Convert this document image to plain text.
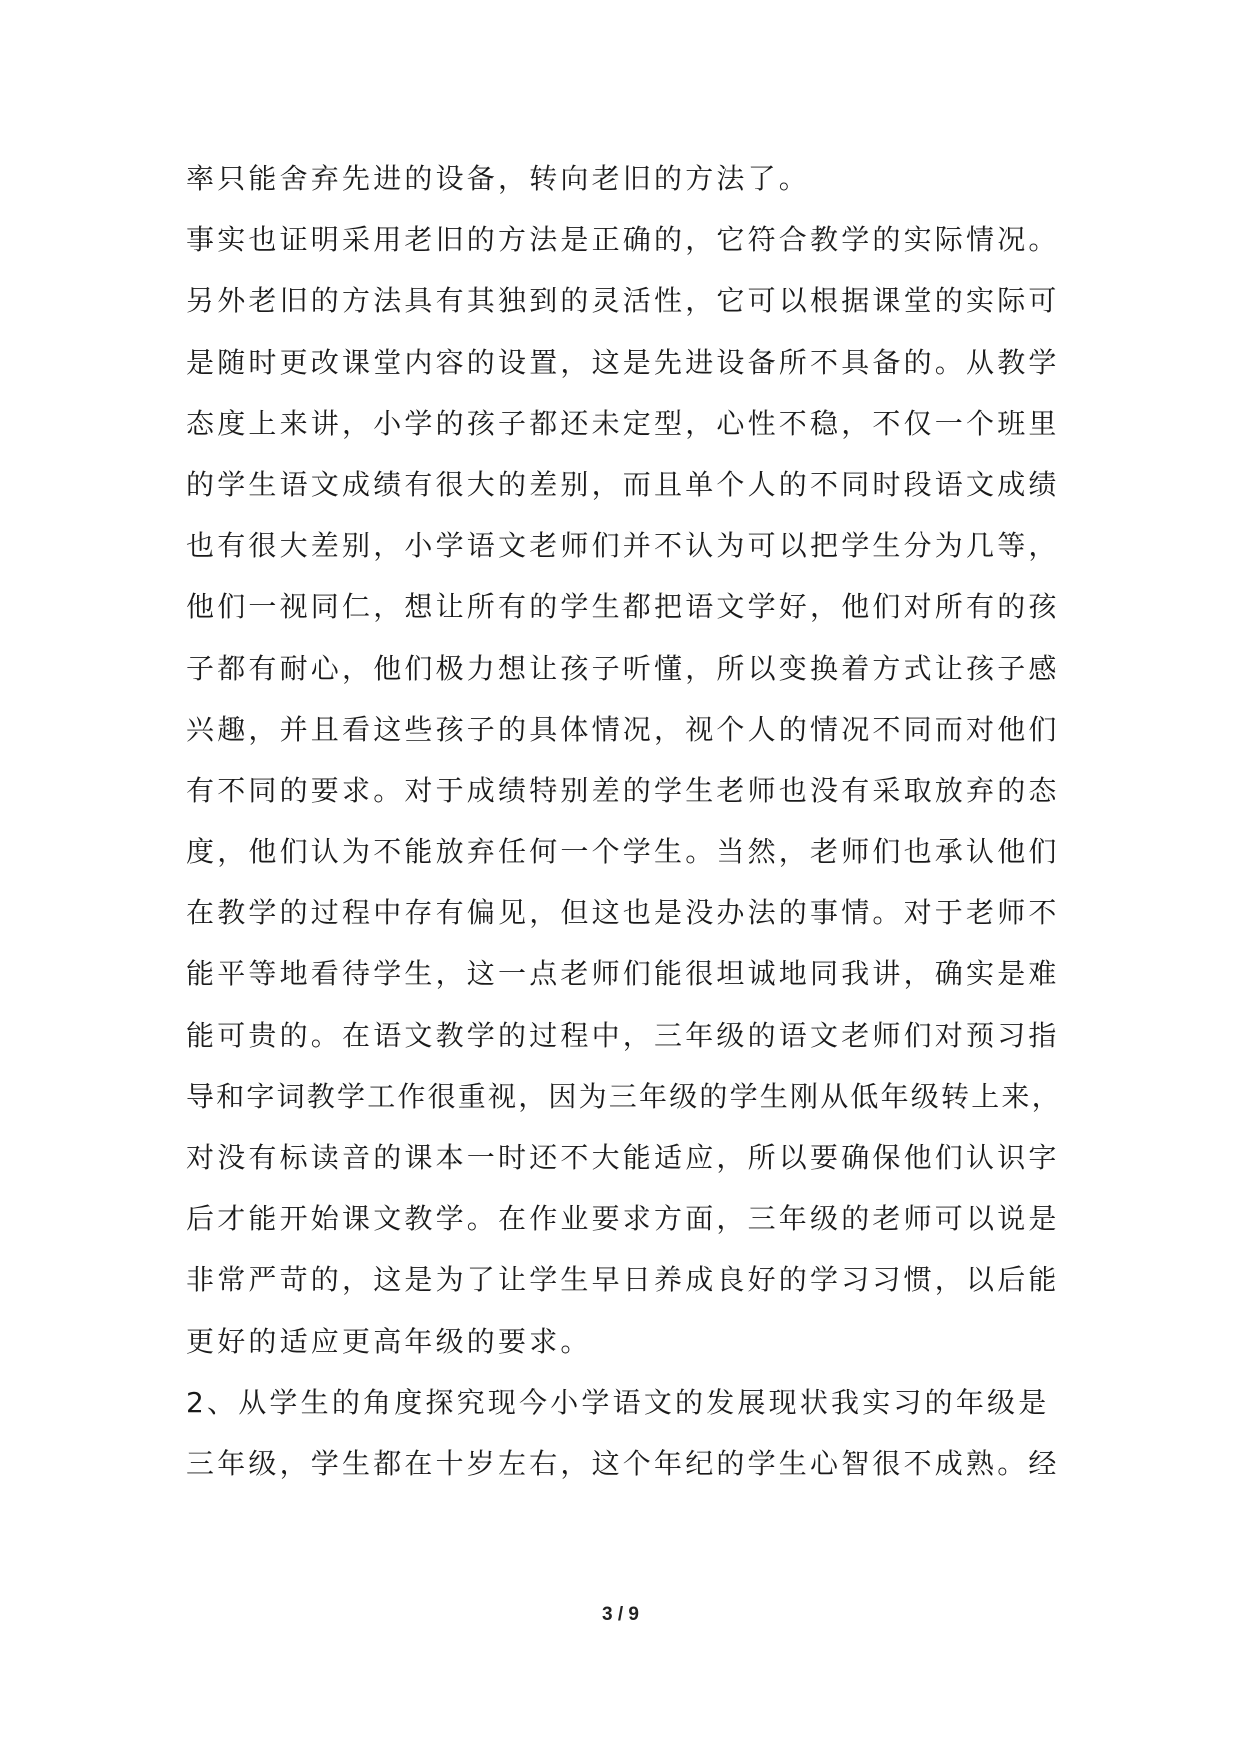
率只能舍弃先进的设备，转向老旧的方法了。
事实也证明采用老旧的方法是正确的，它符合教学的实际情况。
另外老旧的方法具有其独到的灵活性，它可以根据课堂的实际可
是随时更改课堂内容的设置，这是先进设备所不具备的。从教学
态度上来讲，小学的孩子都还未定型，心性不稳，不仅一个班里
的学生语文成绩有很大的差别，而且单个人的不同时段语文成绩
也有很大差别，小学语文老师们并不认为可以把学生分为几等，
他们一视同仁，想让所有的学生都把语文学好，他们对所有的孩
子都有耐心，他们极力想让孩子听懂，所以变换着方式让孩子感
兴趣，并且看这些孩子的具体情况，视个人的情况不同而对他们
有不同的要求。对于成绩特别差的学生老师也没有采取放弃的态
度，他们认为不能放弃任何一个学生。当然，老师们也承认他们
在教学的过程中存有偏见，但这也是没办法的事情。对于老师不
能平等地看待学生，这一点老师们能很坦诚地同我讲，确实是难
能可贵的。在语文教学的过程中，三年级的语文老师们对预习指
导和字词教学工作很重视，因为三年级的学生刚从低年级转上来，
对没有标读音的课本一时还不大能适应，所以要确保他们认识字
后才能开始课文教学。在作业要求方面，三年级的老师可以说是
非常严苛的，这是为了让学生早日养成良好的学习习惯，以后能
更好的适应更高年级的要求。
2、从学生的角度探究现今小学语文的发展现状我实习的年级是
三年级，学生都在十岁左右，这个年纪的学生心智很不成熟。经
3 / 9
